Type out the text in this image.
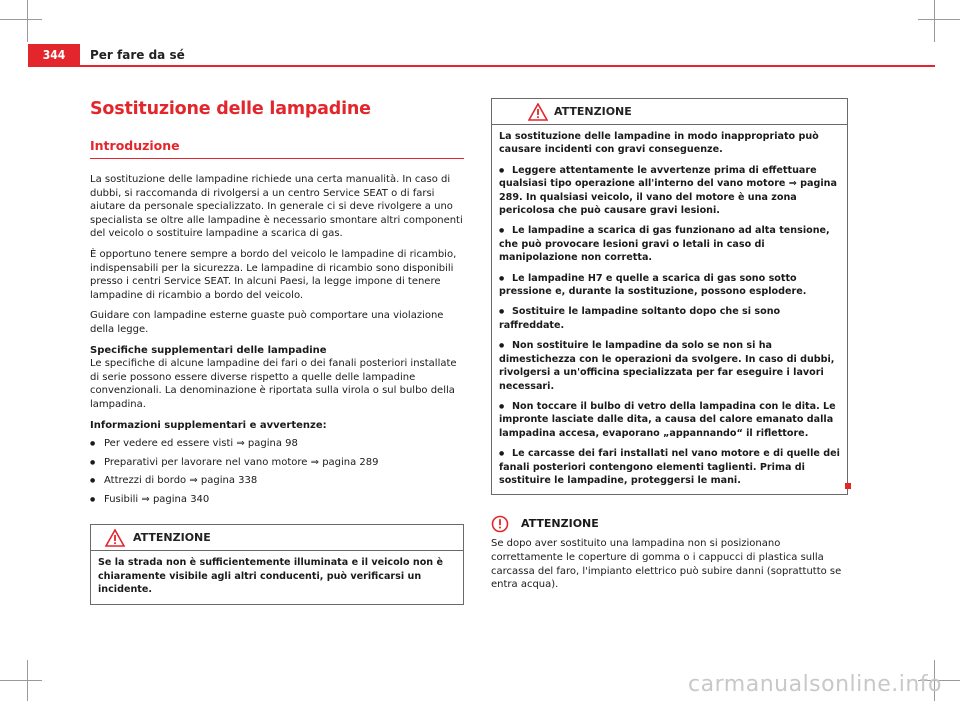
344	Per fare da sé
Sostituzione delle lampadine
Introduzione

La sostituzione delle lampadine richiede una certa manualità. In caso di dubbi, si raccomanda di rivolgersi a un centro Service SEAT o di farsi aiutare da personale specializzato. In generale ci si deve rivolgere a uno specialista se oltre alle lampadine è necessario smontare altri componenti del veicolo o sostituire lampadine a scarica di gas.

È opportuno tenere sempre a bordo del veicolo le lampadine di ricambio, indispensabili per la sicurezza. Le lampadine di ricambio sono disponibili presso i centri Service SEAT. In alcuni Paesi, la legge impone di tenere lampadine di ricambio a bordo del veicolo.

Guidare con lampadine esterne guaste può comportare una violazione della legge.

Specifiche supplementari delle lampadine

Le specifiche di alcune lampadine dei fari o dei fanali posteriori installate di serie possono essere diverse rispetto a quelle delle lampadine convenzionali. La denominazione è riportata sulla virola o sul bulbo della lampadina.

Informazioni supplementari e avvertenze:

● Per vedere ed essere visti ⇒ pagina 98
● Preparativi per lavorare nel vano motore ⇒ pagina 289
● Attrezzi di bordo ⇒ pagina 338
● Fusibili ⇒ pagina 340
ATTENZIONE
Se la strada non è sufficientemente illuminata e il veicolo non è chiaramente visibile agli altri conducenti, può verificarsi un incidente.
ATTENZIONE
La sostituzione delle lampadine in modo inappropriato può causare incidenti con gravi conseguenze.
● Leggere attentamente le avvertenze prima di effettuare qualsiasi tipo operazione all'interno del vano motore ⇒ pagina 289. In qualsiasi veicolo, il vano del motore è una zona pericolosa che può causare gravi lesioni.
● Le lampadine a scarica di gas funzionano ad alta tensione, che può provocare lesioni gravi o letali in caso di manipolazione non corretta.
● Le lampadine H7 e quelle a scarica di gas sono sotto pressione e, durante la sostituzione, possono esplodere.
● Sostituire le lampadine soltanto dopo che si sono raffreddate.
● Non sostituire le lampadine da solo se non si ha dimestichezza con le operazioni da svolgere. In caso di dubbi, rivolgersi a un'officina specializzata per far eseguire i lavori necessari.
● Non toccare il bulbo di vetro della lampadina con le dita. Le impronte lasciate dalle dita, a causa del calore emanato dalla lampadina accesa, evaporano „appannando“ il riflettore.
● Le carcasse dei fari installati nel vano motore e di quelle dei fanali posteriori contengono elementi taglienti. Prima di sostituire le lampadine, proteggersi le mani.
ATTENZIONE
Se dopo aver sostituito una lampadina non si posizionano correttamente le coperture di gomma o i cappucci di plastica sulla carcassa del faro, l'impianto elettrico può subire danni (soprattutto se entra acqua).
carmanualsonline.info
